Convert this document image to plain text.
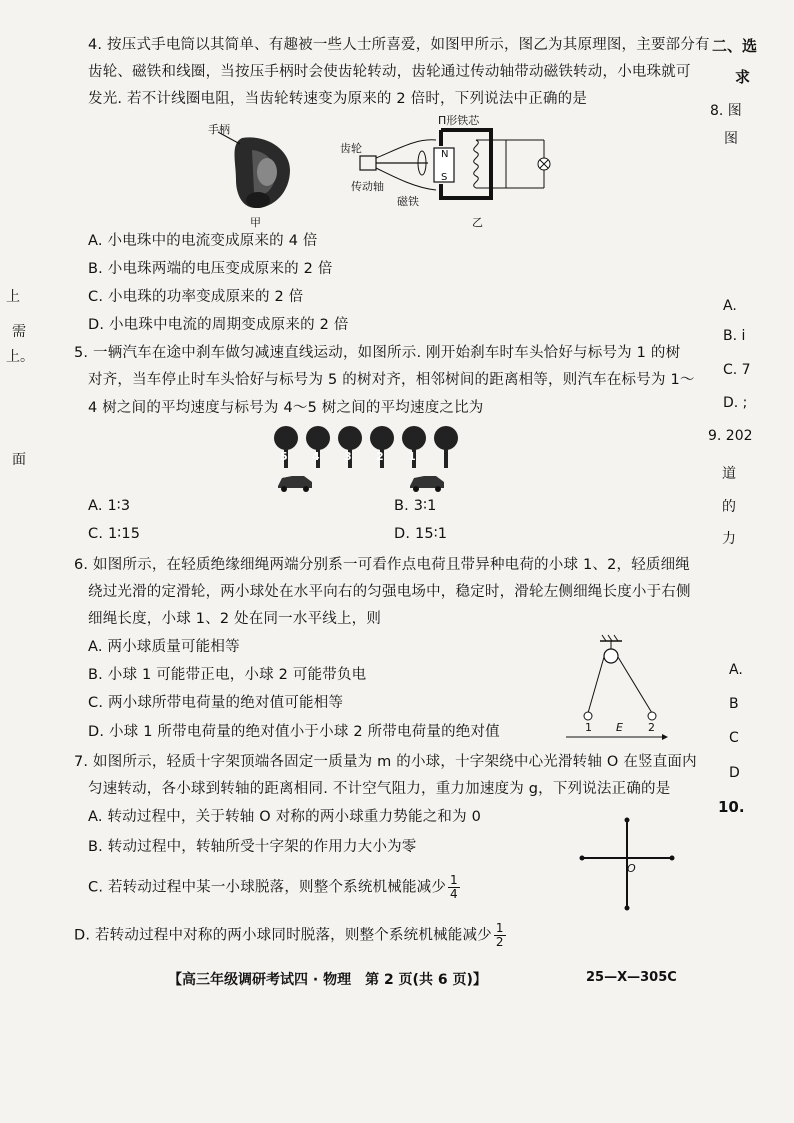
4. 按压式手电筒以其简单、有趣被一些人士所喜爱，如图甲所示，图乙为其原理图，主要部分有
齿轮、磁铁和线圈，当按压手柄时会使齿轮转动，齿轮通过传动轴带动磁铁转动，小电珠就可
发光. 若不计线圈电阻，当齿轮转速变为原来的 2 倍时，下列说法中正确的是
手柄
甲
Π形铁芯
齿轮
传动轴
磁铁
N
S
乙
A. 小电珠中的电流变成原来的 4 倍
B. 小电珠两端的电压变成原来的 2 倍
C. 小电珠的功率变成原来的 2 倍
D. 小电珠中电流的周期变成原来的 2 倍
5. 一辆汽车在途中刹车做匀减速直线运动，如图所示. 刚开始刹车时车头恰好与标号为 1 的树
对齐，当车停止时车头恰好与标号为 5 的树对齐，相邻树间的距离相等，则汽车在标号为 1～
4 树之间的平均速度与标号为 4～5 树之间的平均速度之比为
5 4 3 2 1
A. 1∶3	B. 3∶1
C. 1∶15	D. 15∶1
6. 如图所示，在轻质绝缘细绳两端分别系一可看作点电荷且带异种电荷的小球 1、2，轻质细绳
绕过光滑的定滑轮，两小球处在水平向右的匀强电场中，稳定时，滑轮左侧细绳长度小于右侧
细绳长度，小球 1、2 处在同一水平线上，则
1 E 2
A. 两小球质量可能相等
B. 小球 1 可能带正电，小球 2 可能带负电
C. 两小球所带电荷量的绝对值可能相等
D. 小球 1 所带电荷量的绝对值小于小球 2 所带电荷量的绝对值
7. 如图所示，轻质十字架顶端各固定一质量为 m 的小球，十字架绕中心光滑转轴 O 在竖直面内
匀速转动，各小球到转轴的距离相同. 不计空气阻力，重力加速度为 g，下列说法正确的是
A. 转动过程中，关于转轴 O 对称的两小球重力势能之和为 0
B. 转动过程中，转轴所受十字架的作用力大小为零
C. 若转动过程中某一小球脱落，则整个系统机械能减少 $\frac{1}{4}$
O
D. 若转动过程中对称的两小球同时脱落，则整个系统机械能减少 $\frac{1}{2}$
【高三年级调研考试四 · 物理　第 2 页(共 6 页)】	25—X—305C
上
需
上。
面
二、选
求
8. 图
图
A.
B. i
C. 7
D. ;
9. 202
道
的
力
A.
B
C
D
10.
